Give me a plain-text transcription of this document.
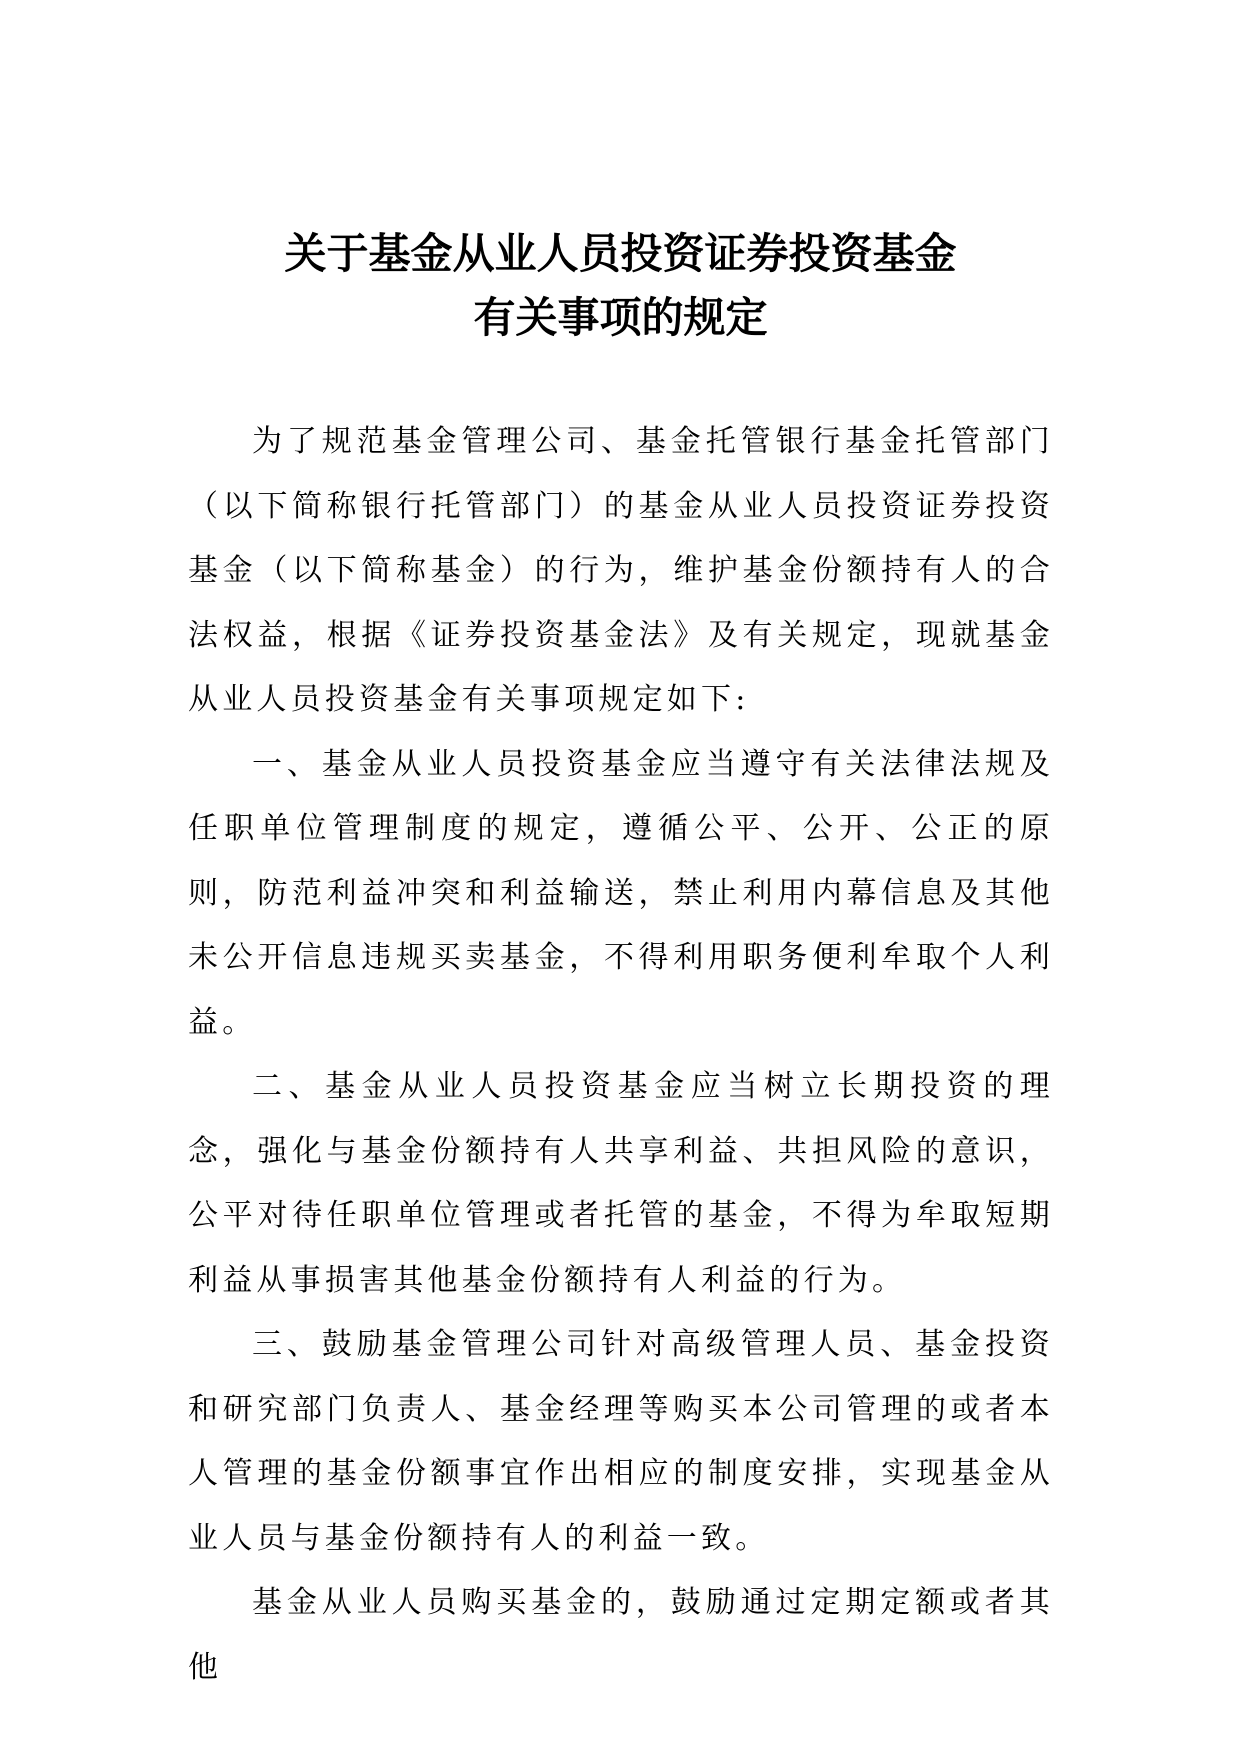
关于基金从业人员投资证券投资基金
有关事项的规定

为了规范基金管理公司、基金托管银行基金托管部门（以下简称银行托管部门）的基金从业人员投资证券投资基金（以下简称基金）的行为，维护基金份额持有人的合法权益，根据《证券投资基金法》及有关规定，现就基金从业人员投资基金有关事项规定如下:

一、基金从业人员投资基金应当遵守有关法律法规及任职单位管理制度的规定，遵循公平、公开、公正的原则，防范利益冲突和利益输送，禁止利用内幕信息及其他未公开信息违规买卖基金，不得利用职务便利牟取个人利益。

二、基金从业人员投资基金应当树立长期投资的理念，强化与基金份额持有人共享利益、共担风险的意识，公平对待任职单位管理或者托管的基金，不得为牟取短期利益从事损害其他基金份额持有人利益的行为。

三、鼓励基金管理公司针对高级管理人员、基金投资和研究部门负责人、基金经理等购买本公司管理的或者本人管理的基金份额事宜作出相应的制度安排，实现基金从业人员与基金份额持有人的利益一致。

基金从业人员购买基金的，鼓励通过定期定额或者其他
